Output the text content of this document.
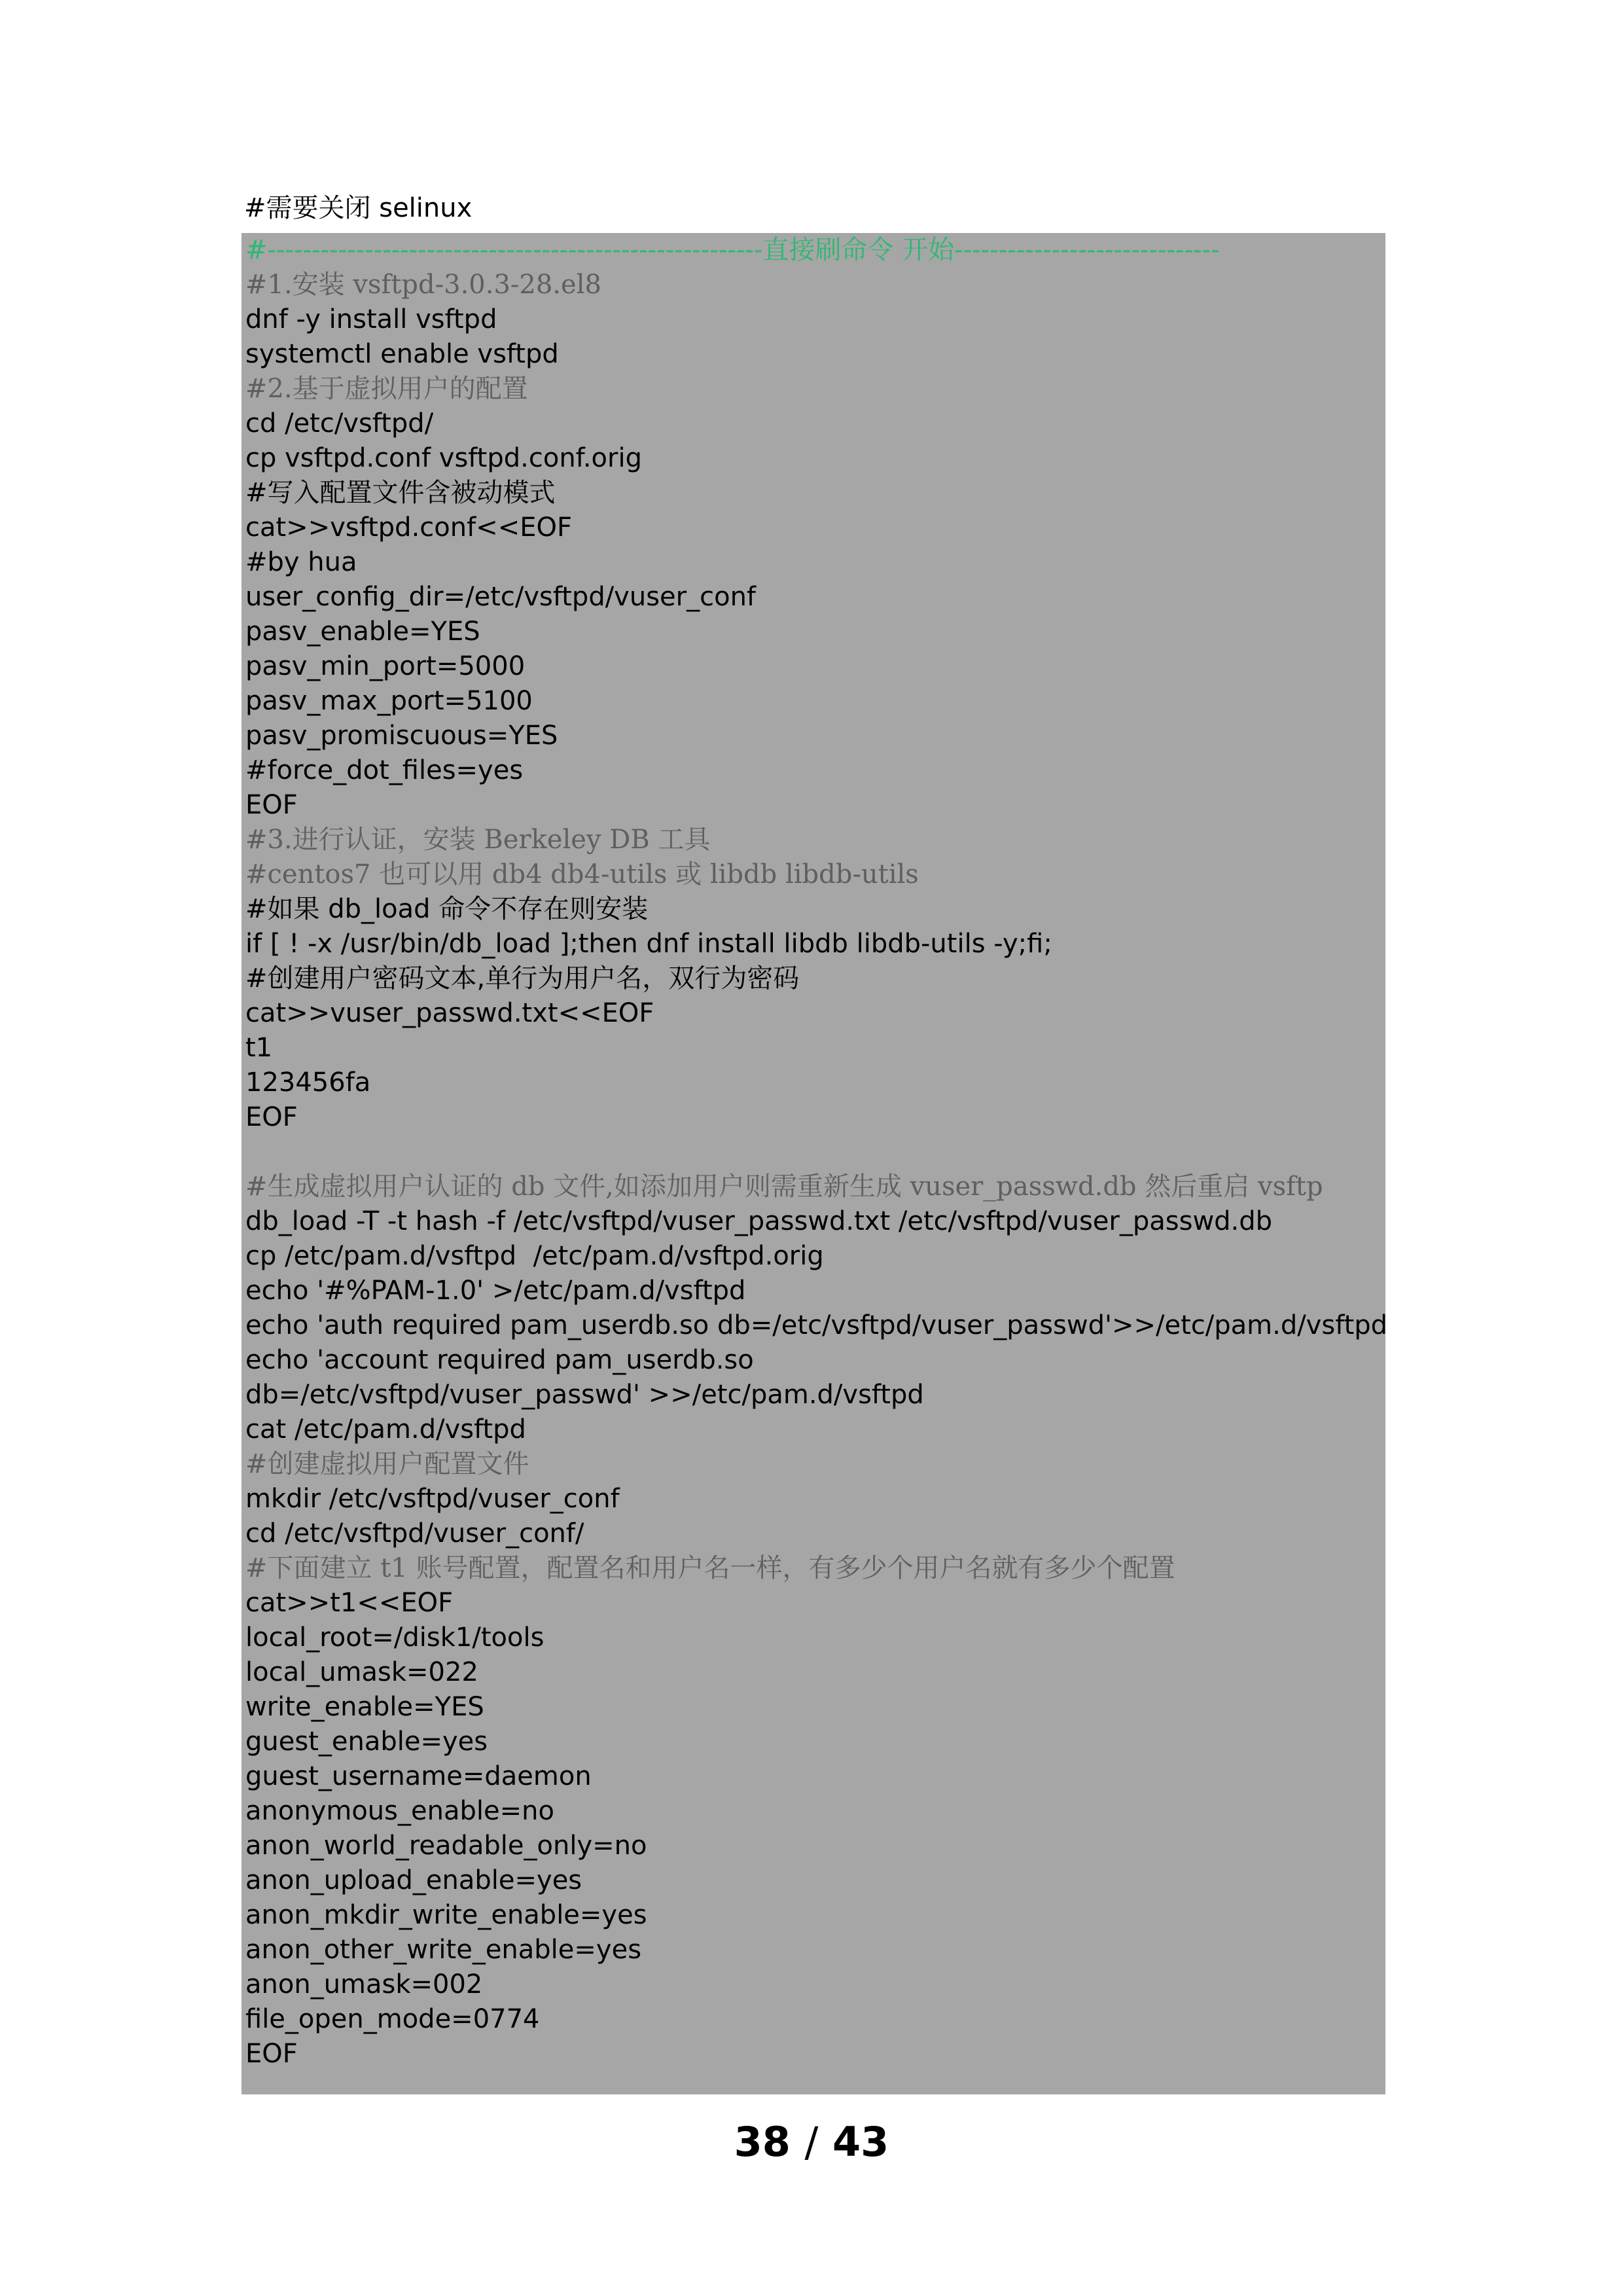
#需要关闭 selinux
#--------------------------------------------------------直接刷命令 开始------------------------------
#1.安装 vsftpd-3.0.3-28.el8
dnf -y install vsftpd
systemctl enable vsftpd
#2.基于虚拟用户的配置
cd /etc/vsftpd/
cp vsftpd.conf vsftpd.conf.orig
#写入配置文件含被动模式
cat>>vsftpd.conf<<EOF
#by hua
user_config_dir=/etc/vsftpd/vuser_conf
pasv_enable=YES
pasv_min_port=5000
pasv_max_port=5100
pasv_promiscuous=YES
#force_dot_files=yes
EOF
#3.进行认证，安装 Berkeley DB 工具
#centos7 也可以用 db4 db4-utils 或 libdb libdb-utils
#如果 db_load 命令不存在则安装
if [ ! -x /usr/bin/db_load ];then dnf install libdb libdb-utils -y;fi;
#创建用户密码文本,单行为用户名，双行为密码
cat>>vuser_passwd.txt<<EOF
t1
123456fa
EOF
#生成虚拟用户认证的 db 文件,如添加用户则需重新生成 vuser_passwd.db 然后重启 vsftp
db_load -T -t hash -f /etc/vsftpd/vuser_passwd.txt /etc/vsftpd/vuser_passwd.db
cp /etc/pam.d/vsftpd  /etc/pam.d/vsftpd.orig
echo '#%PAM-1.0' >/etc/pam.d/vsftpd
echo 'auth required pam_userdb.so db=/etc/vsftpd/vuser_passwd'>>/etc/pam.d/vsftpd
echo 'account required pam_userdb.so
db=/etc/vsftpd/vuser_passwd' >>/etc/pam.d/vsftpd
cat /etc/pam.d/vsftpd
#创建虚拟用户配置文件
mkdir /etc/vsftpd/vuser_conf
cd /etc/vsftpd/vuser_conf/
#下面建立 t1 账号配置，配置名和用户名一样，有多少个用户名就有多少个配置
cat>>t1<<EOF
local_root=/disk1/tools
local_umask=022
write_enable=YES
guest_enable=yes
guest_username=daemon
anonymous_enable=no
anon_world_readable_only=no
anon_upload_enable=yes
anon_mkdir_write_enable=yes
anon_other_write_enable=yes
anon_umask=002
file_open_mode=0774
EOF
38 / 43
